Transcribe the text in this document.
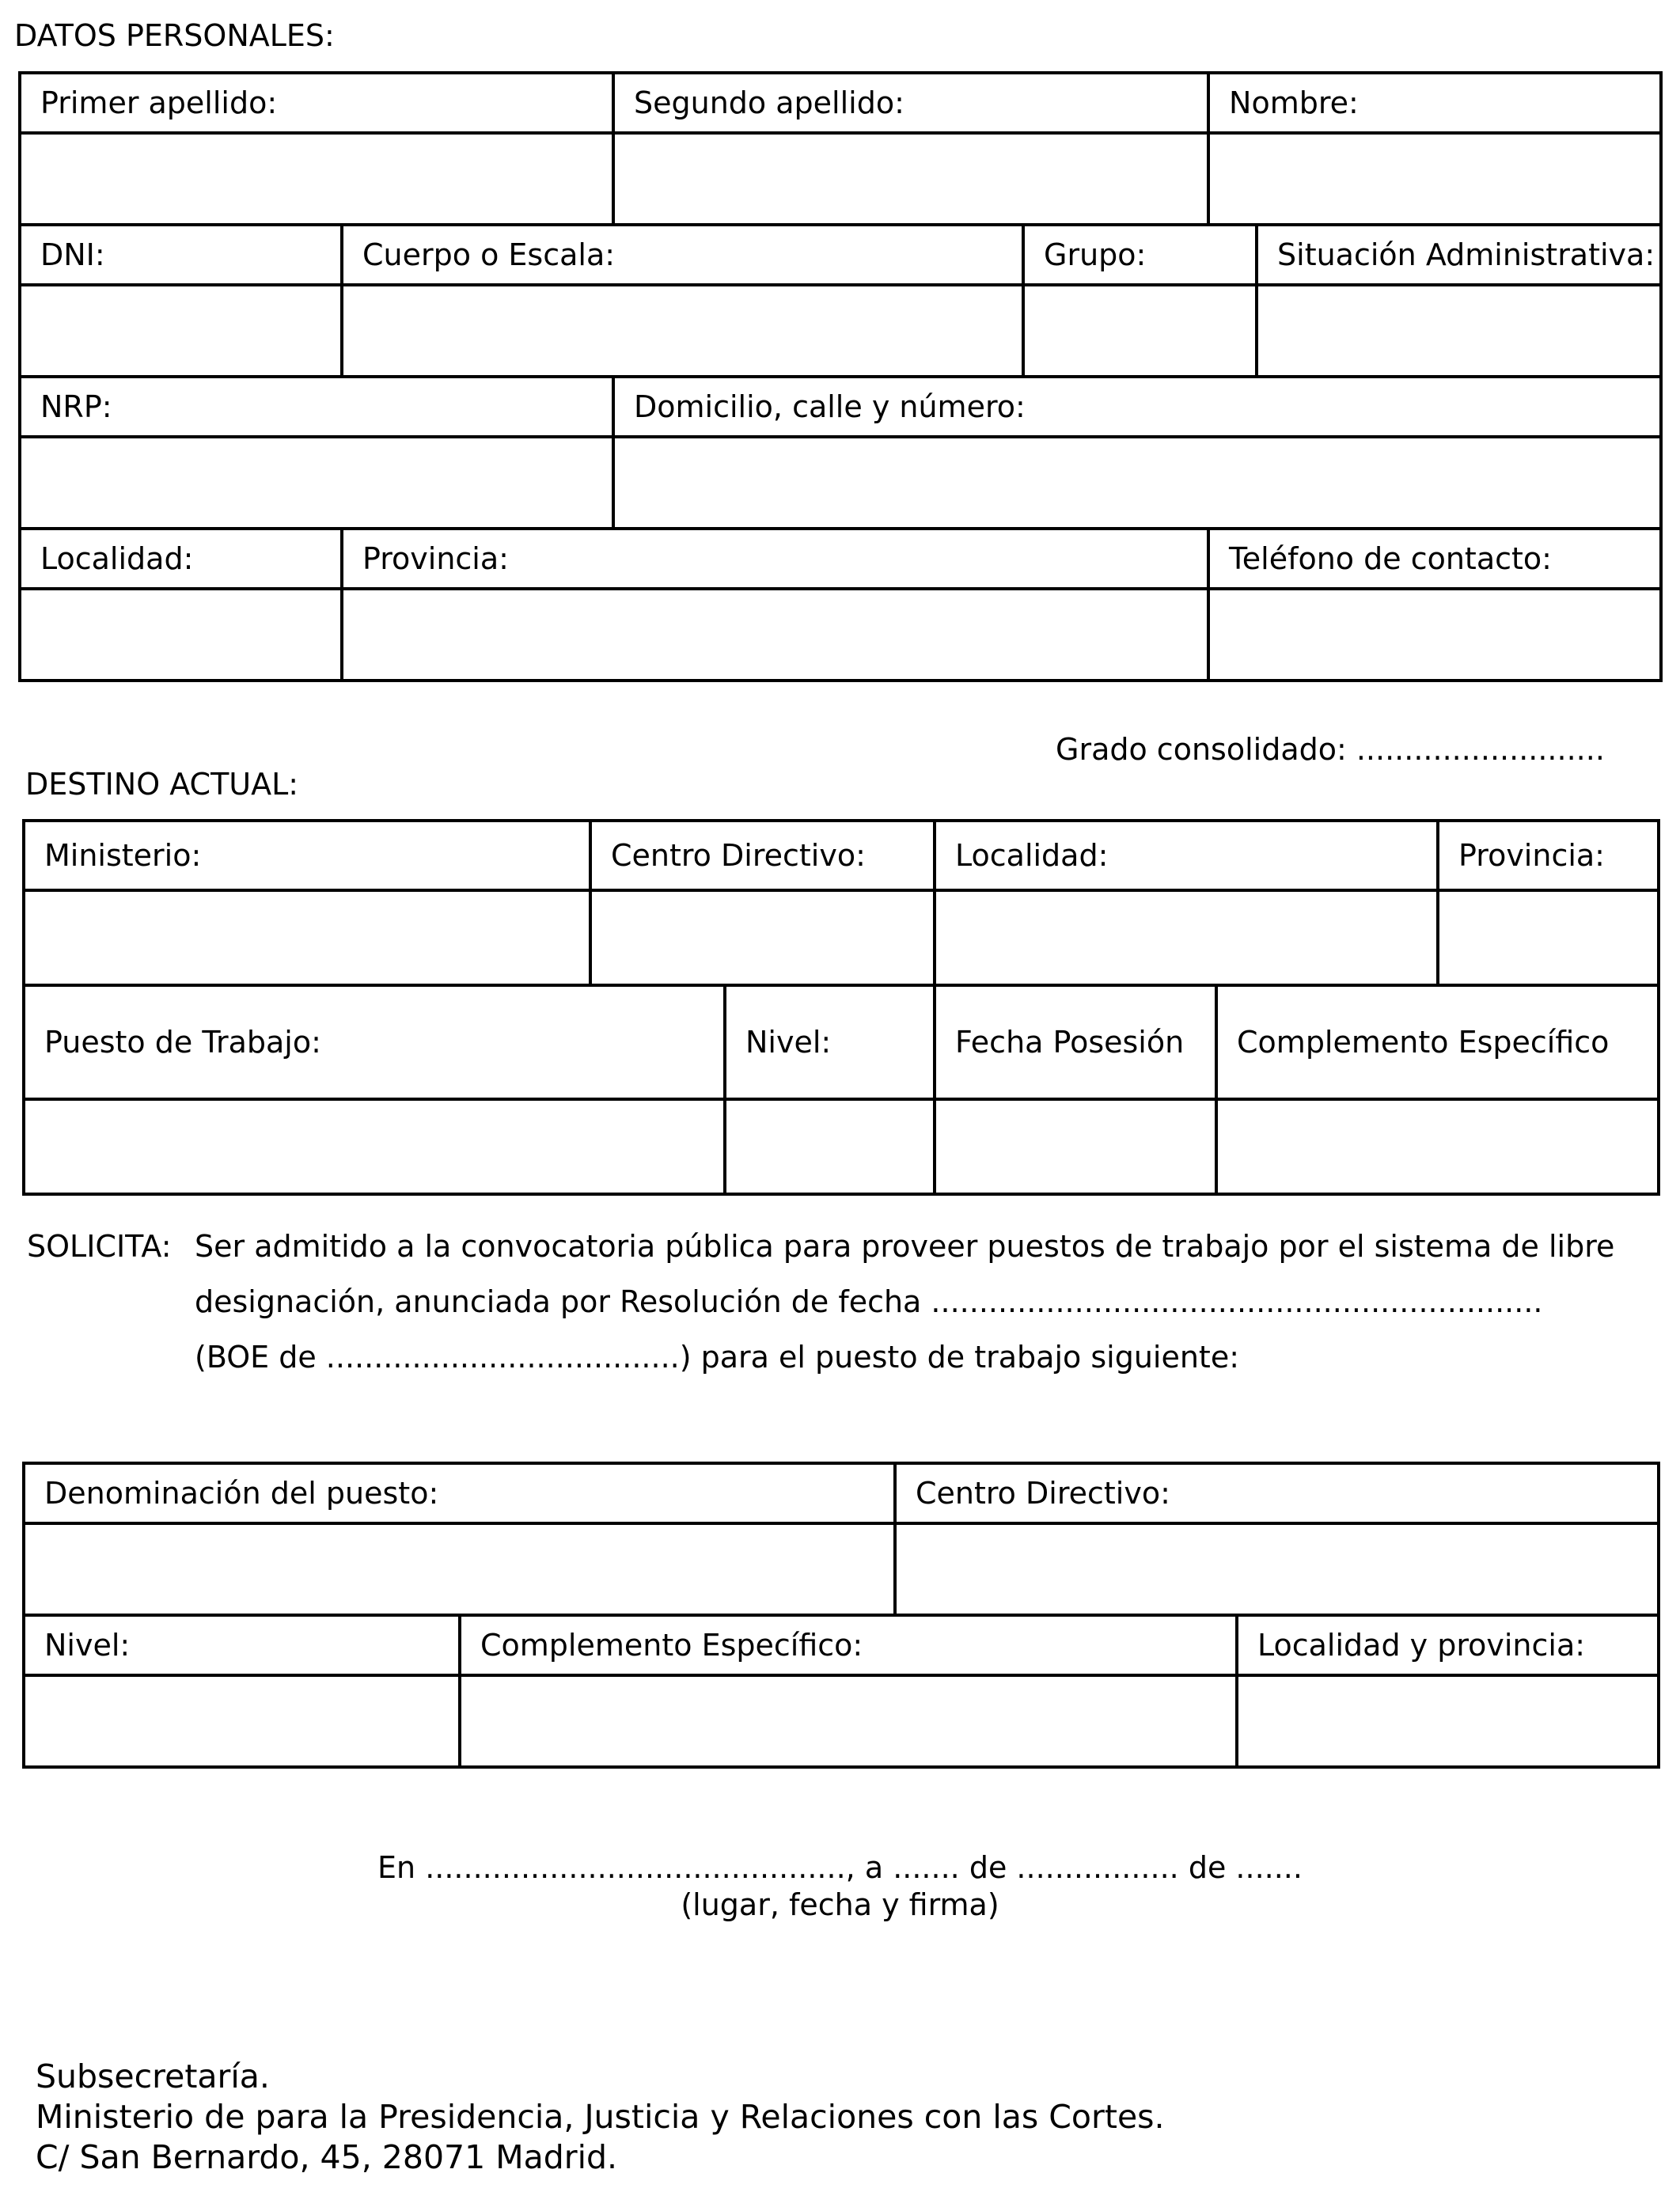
DATOS PERSONALES:
Primer apellido:		Segundo apellido:		Nombre:	

DNI:	Cuerpo o Escala:		Grupo:		Situación Administrativa:

NRP:		Domicilio, calle y número:			

Localidad:	Provincia:			Teléfono de contacto:	

Grado consolidado: ..........................
DESTINO ACTUAL:
Ministerio:	Centro Directivo:		Localidad:		Provincia:

Puesto de Trabajo:		Nivel:	Fecha Posesión	Complemento Específico	

SOLICITA: Ser admitido a la convocatoria pública para proveer puestos de trabajo por el sistema de libre
designación, anunciada por Resolución de fecha ................................................................
(BOE de .....................................) para el puesto de trabajo siguiente:
Denominación del puesto:		Centro Directivo:	

Nivel:	Complemento Específico:		Localidad y provincia:

En ............................................, a ....... de ................. de .......
(lugar, fecha y firma)
Subsecretaría.
Ministerio de para la Presidencia, Justicia y Relaciones con las Cortes.
C/ San Bernardo, 45, 28071 Madrid.
